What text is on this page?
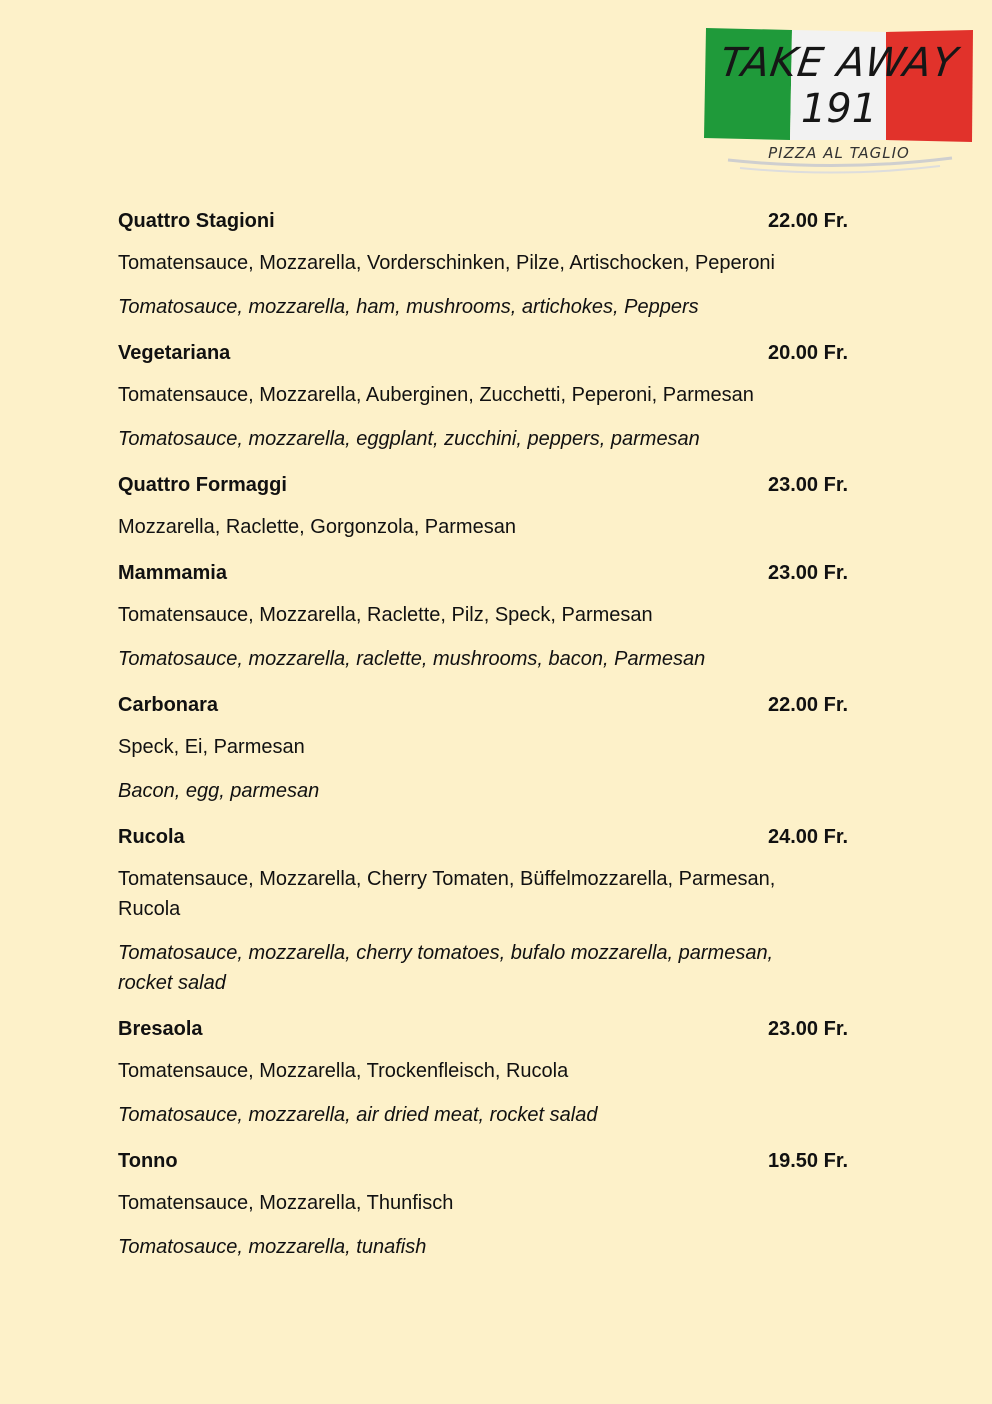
TAKE AWAY
191
PIZZA AL TAGLIO
Quattro Stagioni	22.00 Fr.
Tomatensauce, Mozzarella, Vorderschinken, Pilze, Artischocken, Peperoni
Tomatosauce, mozzarella, ham, mushrooms, artichokes, Peppers
Vegetariana	20.00 Fr.
Tomatensauce, Mozzarella, Auberginen, Zucchetti, Peperoni, Parmesan
Tomatosauce, mozzarella, eggplant, zucchini, peppers, parmesan
Quattro Formaggi	23.00 Fr.
Mozzarella, Raclette, Gorgonzola, Parmesan
Mammamia	23.00 Fr.
Tomatensauce, Mozzarella, Raclette, Pilz, Speck, Parmesan
Tomatosauce, mozzarella, raclette, mushrooms, bacon, Parmesan
Carbonara	22.00 Fr.
Speck, Ei, Parmesan
Bacon, egg, parmesan
Rucola	24.00 Fr.
Tomatensauce, Mozzarella, Cherry Tomaten, Büffelmozzarella, Parmesan, Rucola
Tomatosauce, mozzarella, cherry tomatoes, bufalo mozzarella, parmesan, rocket salad
Bresaola	23.00 Fr.
Tomatensauce, Mozzarella, Trockenfleisch, Rucola
Tomatosauce, mozzarella, air dried meat, rocket salad
Tonno	19.50 Fr.
Tomatensauce, Mozzarella, Thunfisch
Tomatosauce, mozzarella, tunafish
